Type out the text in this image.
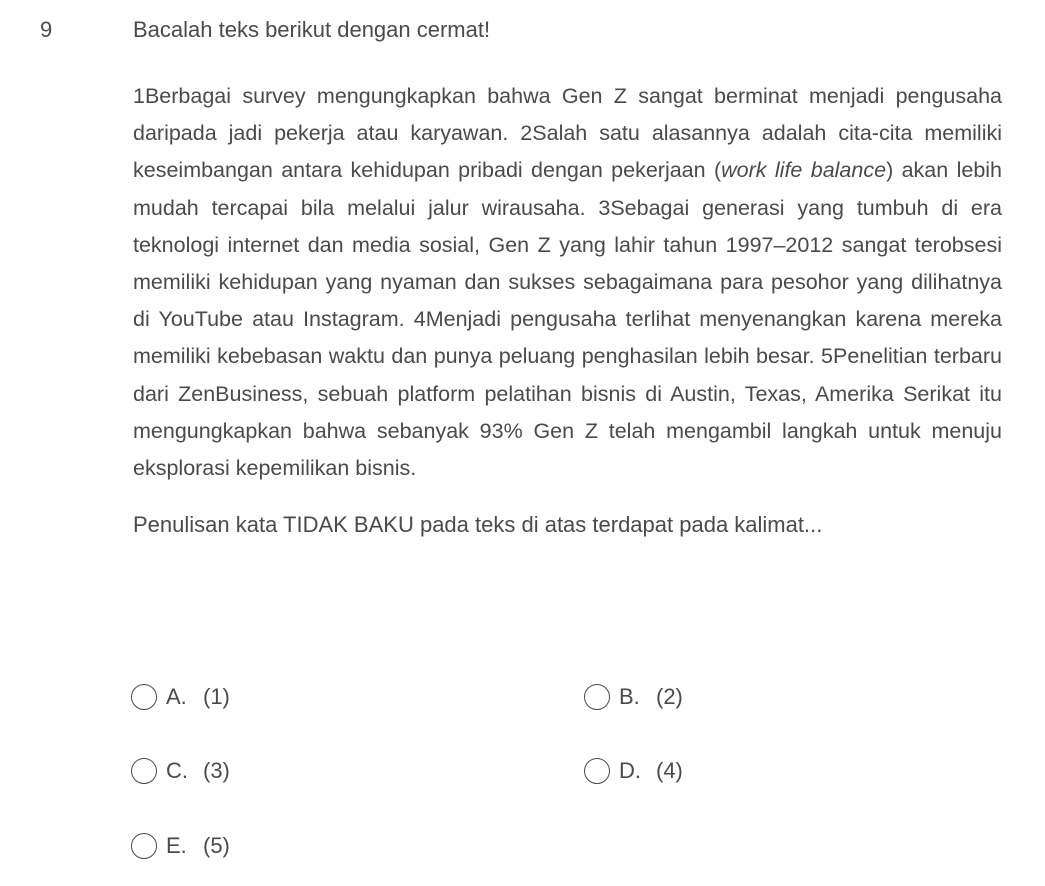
9	Bacalah teks berikut dengan cermat!

1Berbagai survey mengungkapkan bahwa Gen Z sangat berminat menjadi pengusaha daripada jadi pekerja atau karyawan. 2Salah satu alasannya adalah cita-cita memiliki keseimbangan antara kehidupan pribadi dengan pekerjaan (work life balance) akan lebih mudah tercapai bila melalui jalur wirausaha. 3Sebagai generasi yang tumbuh di era teknologi internet dan media sosial, Gen Z yang lahir tahun 1997–2012 sangat terobsesi memiliki kehidupan yang nyaman dan sukses sebagaimana para pesohor yang dilihatnya di YouTube atau Instagram. 4Menjadi pengusaha terlihat menyenangkan karena mereka memiliki kebebasan waktu dan punya peluang penghasilan lebih besar. 5Penelitian terbaru dari ZenBusiness, sebuah platform pelatihan bisnis di Austin, Texas, Amerika Serikat itu mengungkapkan bahwa sebanyak 93% Gen Z telah mengambil langkah untuk menuju eksplorasi kepemilikan bisnis.

Penulisan kata TIDAK BAKU pada teks di atas terdapat pada kalimat...

A. (1)	B. (2)
C. (3)	D. (4)
E. (5)
